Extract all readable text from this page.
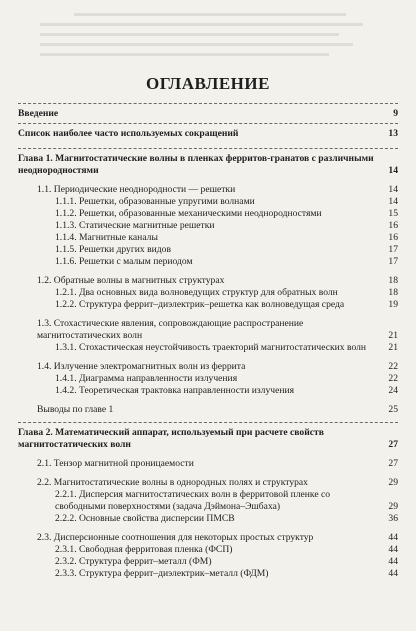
ОГЛАВЛЕНИЕ
Введение	9
Список наиболее часто используемых сокращений	13
Глава 1. Магнитостатические волны в пленках ферритов-гранатов с различными неоднородностями	14
1.1. Периодические неоднородности — решетки	14
1.1.1. Решетки, образованные упругими волнами	14
1.1.2. Решетки, образованные механическими неоднородностями	15
1.1.3. Статические магнитные решетки	16
1.1.4. Магнитные каналы	16
1.1.5. Решетки других видов	17
1.1.6. Решетки с малым периодом	17
1.2. Обратные волны в магнитных структурах	18
1.2.1. Два основных вида волноведущих структур для обратных волн	18
1.2.2. Структура феррит–диэлектрик–решетка как волноведущая среда	19
1.3. Стохастические явления, сопровождающие распространение магнитостатических волн	21
1.3.1. Стохастическая неустойчивость траекторий магнитостатических волн	21
1.4. Излучение электромагнитных волн из феррита	22
1.4.1. Диаграмма направленности излучения	22
1.4.2. Теоретическая трактовка направленности излучения	24
Выводы по главе 1	25
Глава 2. Математический аппарат, используемый при расчете свойств магнитостатических волн	27
2.1. Тензор магнитной проницаемости	27
2.2. Магнитостатические волны в однородных полях и структурах	29
2.2.1. Дисперсия магнитостатических волн в ферритовой пленке со свободными поверхностями (задача Дэймона–Эшбаха)	29
2.2.2. Основные свойства дисперсии ПМСВ	36
2.3. Дисперсионные соотношения для некоторых простых структур	44
2.3.1. Свободная ферритовая пленка (ФСП)	44
2.3.2. Структура феррит–металл (ФМ)	44
2.3.3. Структура феррит–диэлектрик–металл (ФДМ)	44
